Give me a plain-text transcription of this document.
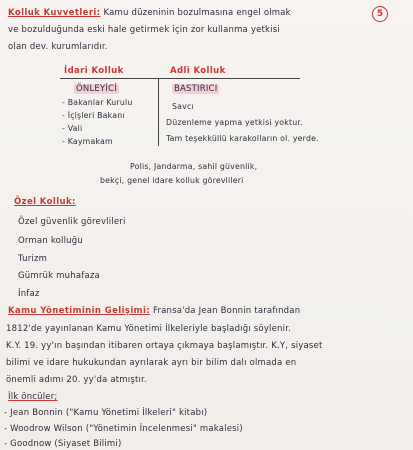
5
Kolluk Kuvvetleri: Kamu düzeninin bozulmasına engel olmak
ve bozulduğunda eski hale getirmek için zor kullanma yetkisi
olan dev. kurumlarıdır.
İdari Kolluk	Adli Kolluk
ÖNLEYİCİ	BASTIRICI
- Bakanlar Kurulu
- İçişleri Bakanı
- Vali
- Kaymakam
Savcı
Düzenleme yapma yetkisi yoktur.
Tam teşekküllü karakolların ol. yerde.
Polis, Jandarma, sahil güvenlik,
bekçi, genel idare kolluk görevlileri
Özel Kolluk:
Özel güvenlik görevlileri
Orman kolluğu
Turizm
Gümrük muhafaza
İnfaz
Kamu Yönetiminin Gelişimi: Fransa'da Jean Bonnin tarafından
1812'de yayınlanan Kamu Yönetimi İlkeleriyle başladığı söylenir.
K.Y. 19. yy'ın başından itibaren ortaya çıkmaya başlamıştır. K.Y, siyaset
bilimi ve idare hukukundan ayrılarak ayrı bir bilim dalı olmada en
önemli adımı 20. yy'da atmıştır.
İlk öncüler;
- Jean Bonnin ("Kamu Yönetimi İlkeleri" kitabı)
- Woodrow Wilson ("Yönetimin İncelenmesi" makalesi)
- Goodnow (Siyaset Bilimi)
